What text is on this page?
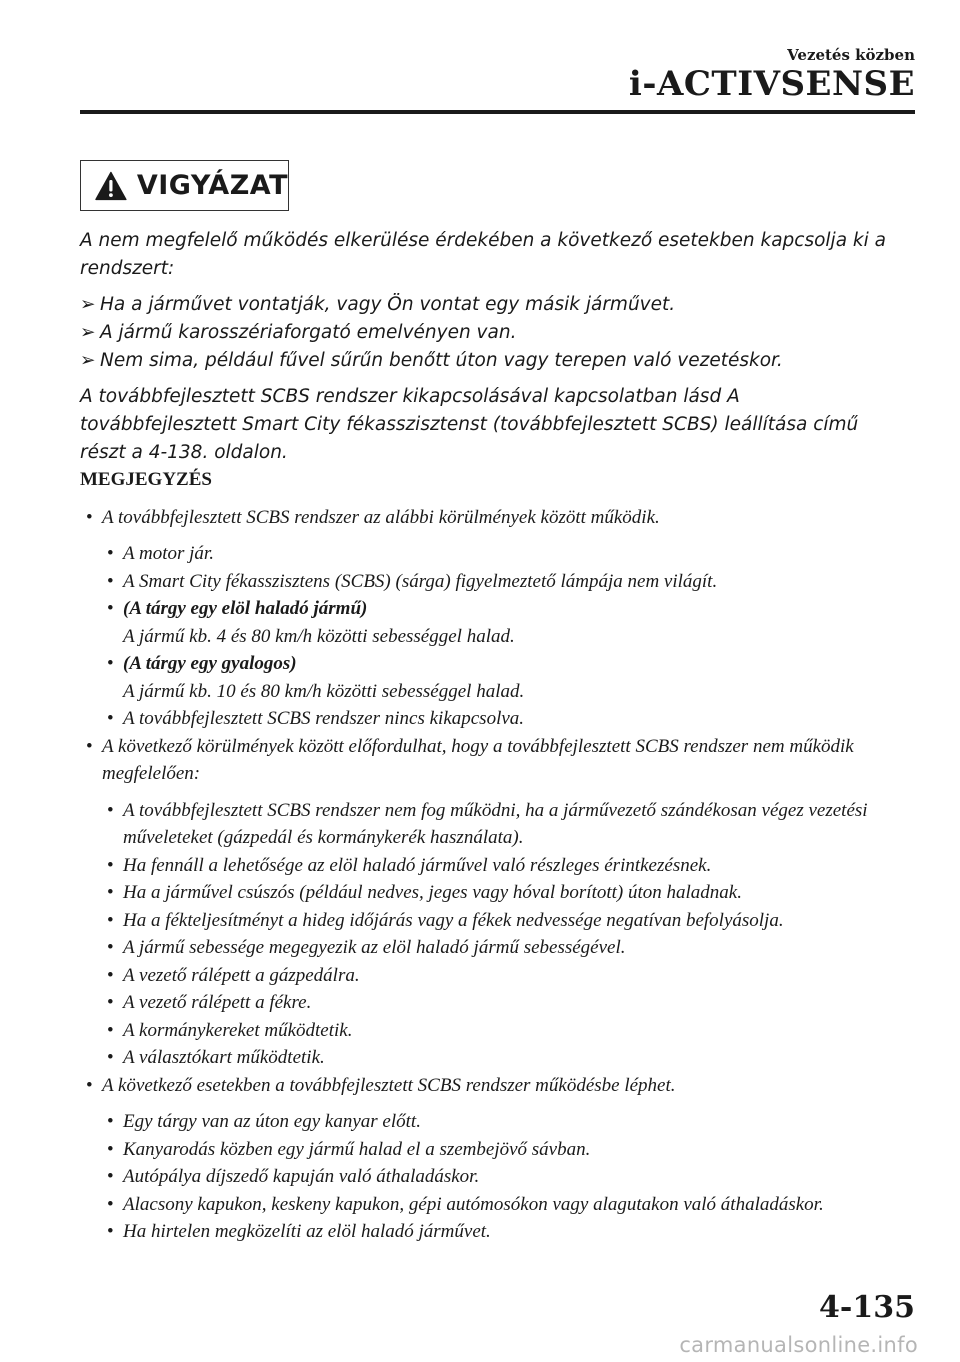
Vezetés közben
i-ACTIVSENSE
VIGYÁZAT

A nem megfelelő működés elkerülése érdekében a következő esetekben kapcsolja ki a rendszert:

➢ Ha a járművet vontatják, vagy Ön vontat egy másik járművet.
➢ A jármű karosszériaforgató emelvényen van.
➢ Nem sima, például fűvel sűrűn benőtt úton vagy terepen való vezetéskor.

A továbbfejlesztett SCBS rendszer kikapcsolásával kapcsolatban lásd A továbbfejlesztett Smart City fékasszisztenst (továbbfejlesztett SCBS) leállítása című részt a 4-138. oldalon.

MEGJEGYZÉS
• A továbbfejlesztett SCBS rendszer az alábbi körülmények között működik.
• A motor jár.
• A Smart City fékasszisztens (SCBS) (sárga) figyelmeztető lámpája nem világít.
• (A tárgy egy elöl haladó jármű)
A jármű kb. 4 és 80 km/h közötti sebességgel halad.
• (A tárgy egy gyalogos)
A jármű kb. 10 és 80 km/h közötti sebességgel halad.
• A továbbfejlesztett SCBS rendszer nincs kikapcsolva.
• A következő körülmények között előfordulhat, hogy a továbbfejlesztett SCBS rendszer nem működik megfelelően:
• A továbbfejlesztett SCBS rendszer nem fog működni, ha a járművezető szándékosan végez vezetési műveleteket (gázpedál és kormánykerék használata).
• Ha fennáll a lehetősége az elöl haladó járművel való részleges érintkezésnek.
• Ha a járművel csúszós (például nedves, jeges vagy hóval borított) úton haladnak.
• Ha a fékteljesítményt a hideg időjárás vagy a fékek nedvessége negatívan befolyásolja.
• A jármű sebessége megegyezik az elöl haladó jármű sebességével.
• A vezető rálépett a gázpedálra.
• A vezető rálépett a fékre.
• A kormánykereket működtetik.
• A választókart működtetik.
• A következő esetekben a továbbfejlesztett SCBS rendszer működésbe léphet.
• Egy tárgy van az úton egy kanyar előtt.
• Kanyarodás közben egy jármű halad el a szembejövő sávban.
• Autópálya díjszedő kapuján való áthaladáskor.
• Alacsony kapukon, keskeny kapukon, gépi autómosókon vagy alagutakon való áthaladáskor.
• Ha hirtelen megközelíti az elöl haladó járművet.
4-135
carmanualsonline.info
